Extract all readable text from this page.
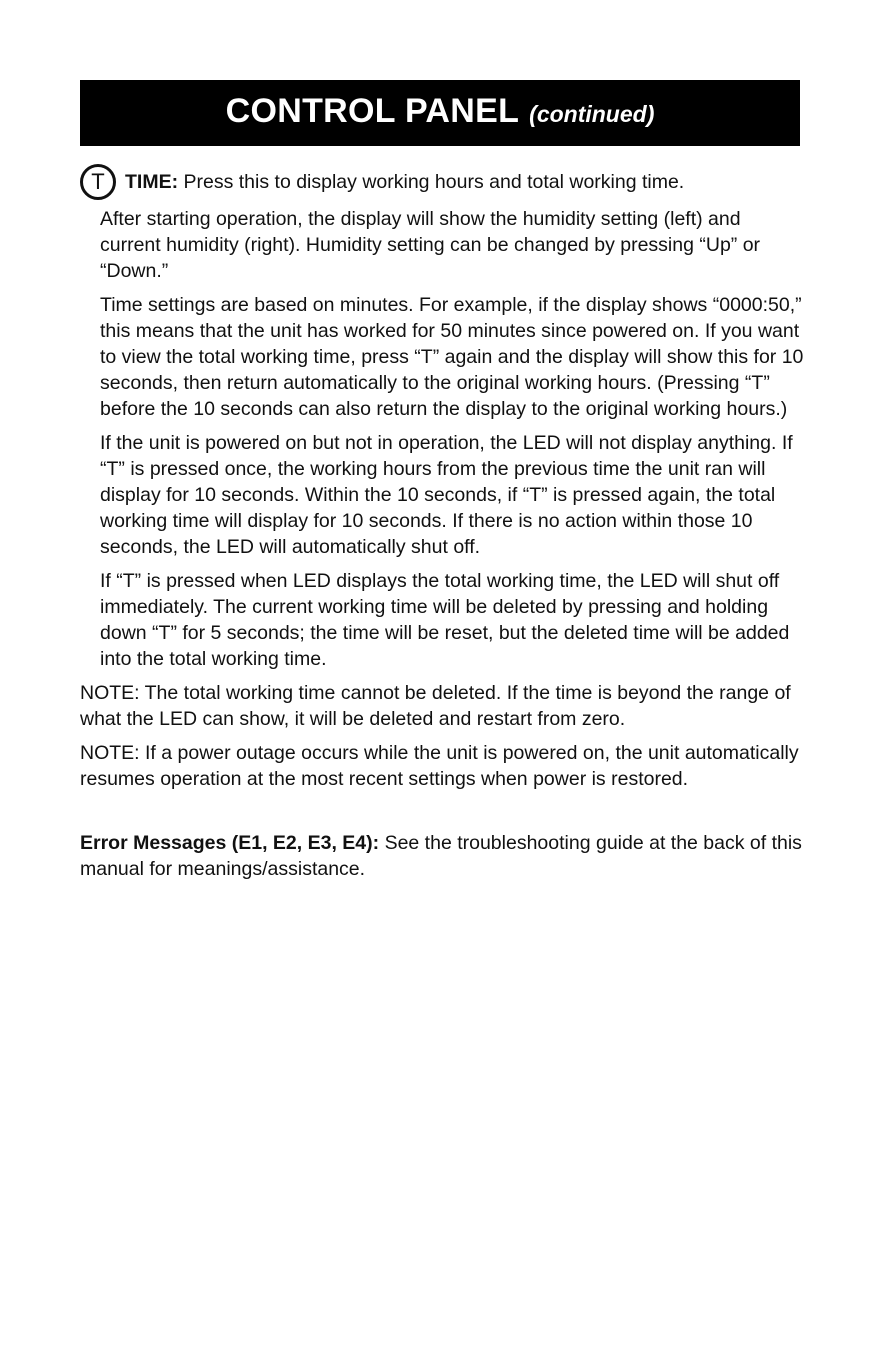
CONTROL PANEL (continued)
T	TIME: Press this to display working hours and total working time.

After starting operation, the display will show the humidity setting (left) and current humidity (right). Humidity setting can be changed by pressing “Up” or “Down.”

Time settings are based on minutes. For example, if the display shows “0000:50,” this means that the unit has worked for 50 minutes since powered on. If you want to view the total working time, press “T” again and the display will show this for 10 seconds, then return automatically to the original working hours. (Pressing “T” before the 10 seconds can also return the display to the original working hours.)

If the unit is powered on but not in operation, the LED will not display anything. If “T” is pressed once, the working hours from the previous time the unit ran will display for 10 seconds. Within the 10 seconds, if “T” is pressed again, the total working time will display for 10 seconds. If there is no action within those 10 seconds, the LED will automatically shut off.

If “T” is pressed when LED displays the total working time, the LED will shut off immediately. The current working time will be deleted by pressing and holding down “T” for 5 seconds; the time will be reset, but the deleted time will be added into the total working time.

NOTE: The total working time cannot be deleted. If the time is beyond the range of what the LED can show, it will be deleted and restart from zero.

NOTE: If a power outage occurs while the unit is powered on, the unit automatically resumes operation at the most recent settings when power is restored.

Error Messages (E1, E2, E3, E4): See the troubleshooting guide at the back of this manual for meanings/assistance.
